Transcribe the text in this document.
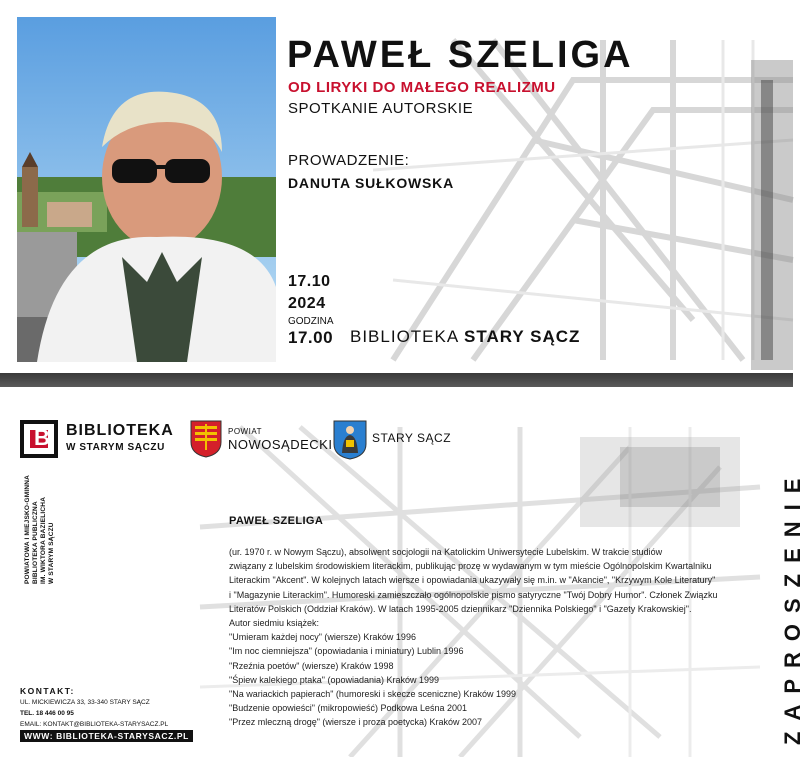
PAWEŁ SZELIGA
OD LIRYKI DO MAŁEGO REALIZMU
SPOTKANIE AUTORSKIE
PROWADZENIE:
DANUTA SUŁKOWSKA
17.10
2024
GODZINA
17.00 BIBLIOTEKA STARY SĄCZ
B BIBLIOTEKA
W STARYM SĄCZU
POWIATOWA I MIEJSKO-GMINNA BIBLIOTEKA PUBLICZNA IM. WIKTORA BAZIELICHA W STARYM SĄCZU
POWIAT
NOWOSĄDECKI	STARY SĄCZ
ZAPROSZENIE
PAWEŁ SZELIGA

(ur. 1970 r. w Nowym Sączu), absolwent socjologii na Katolickim Uniwersytecie Lubelskim. W trakcie studiów

związany z lubelskim środowiskiem literackim, publikując prozę w wydawanym w tym mieście Ogólnopolskim Kwartalniku

Literackim "Akcent". W kolejnych latach wiersze i opowiadania ukazywały się m.in. w "Akancie", "Krzywym Kole Literatury"

i "Magazynie Literackim". Humoreski zamieszczało ogólnopolskie pismo satyryczne "Twój Dobry Humor". Członek Związku

Literatów Polskich (Oddział Kraków). W latach 1995-2005 dziennikarz "Dziennika Polskiego" i "Gazety Krakowskiej".

Autor siedmiu książek:

"Umieram każdej nocy" (wiersze) Kraków 1996

"Im noc ciemniejsza" (opowiadania i miniatury) Lublin 1996

"Rzeźnia poetów" (wiersze) Kraków 1998

"Śpiew kalekiego ptaka" (opowiadania) Kraków 1999

"Na wariackich papierach" (humoreski i skecze sceniczne) Kraków 1999

"Budzenie opowieści" (mikropowieść) Podkowa Leśna 2001

"Przez mleczną drogę" (wiersze i proza poetycka) Kraków 2007

KONTAKT:
UL. MICKIEWICZA 33, 33-340 STARY SĄCZ
TEL. 18 446 00 95
EMAIL: KONTAKT@BIBLIOTEKA-STARYSACZ.PL
WWW: BIBLIOTEKA-STARYSACZ.PL
